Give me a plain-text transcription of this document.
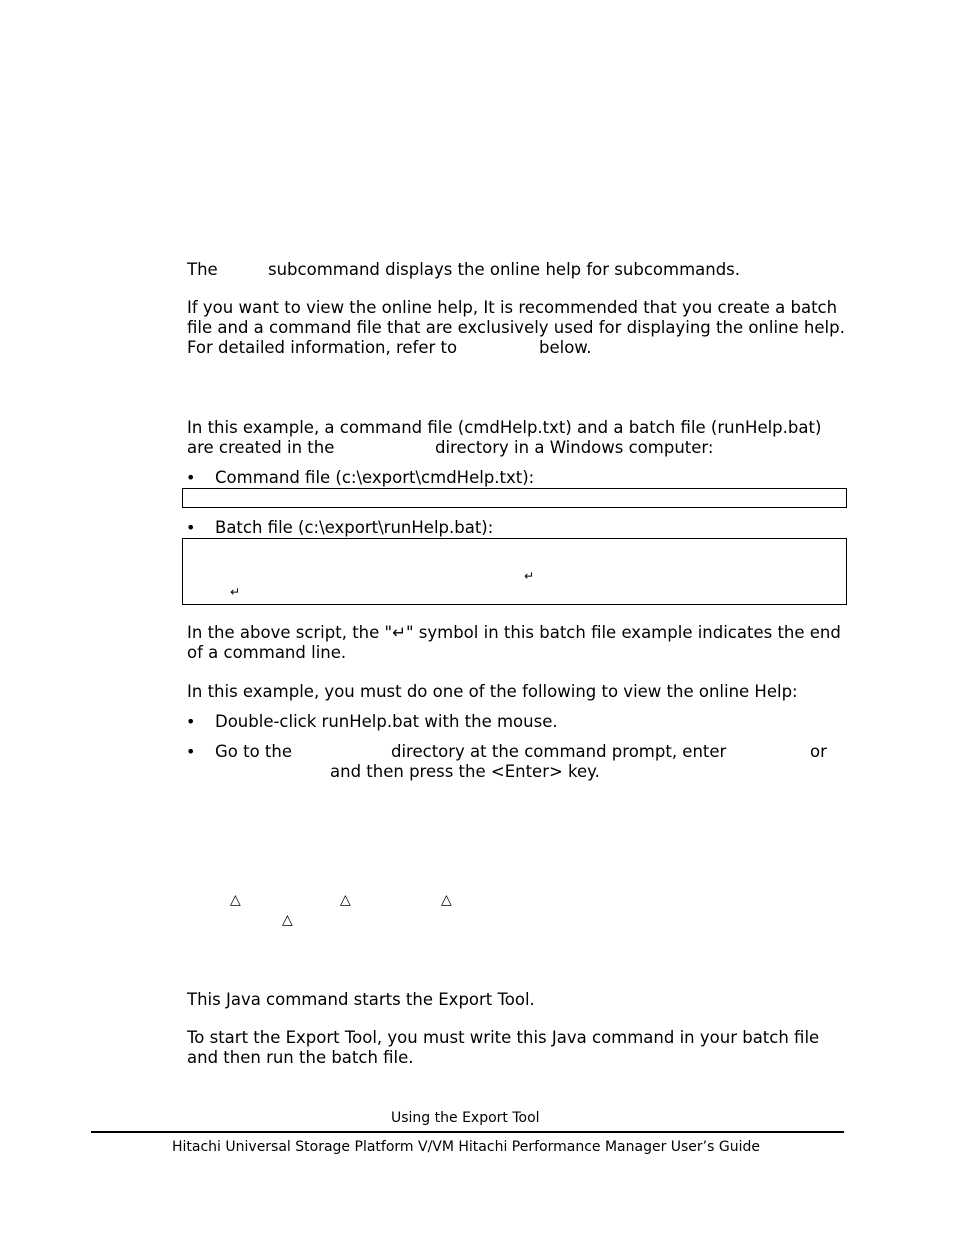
The	subcommand displays the online help for subcommands.
If you want to view the online help, It is recommended that you create a batch
file and a command file that are exclusively used for displaying the online help.
For detailed information, refer to	below.
In this example, a command file (cmdHelp.txt) and a batch file (runHelp.bat)
are created in the	directory in a Windows computer:
• Command file (c:\export\cmdHelp.txt):
• Batch file (c:\export\runHelp.bat):
↵
↵
In the above script, the "↵" symbol in this batch file example indicates the end
of a command line.
In this example, you must do one of the following to view the online Help:
• Double-click runHelp.bat with the mouse.
• Go to the	directory at the command prompt, enter	or
and then press the <Enter> key.
△	△	△
△
This Java command starts the Export Tool.
To start the Export Tool, you must write this Java command in your batch file
and then run the batch file.
Using the Export Tool
Hitachi Universal Storage Platform V/VM Hitachi Performance Manager User’s Guide
